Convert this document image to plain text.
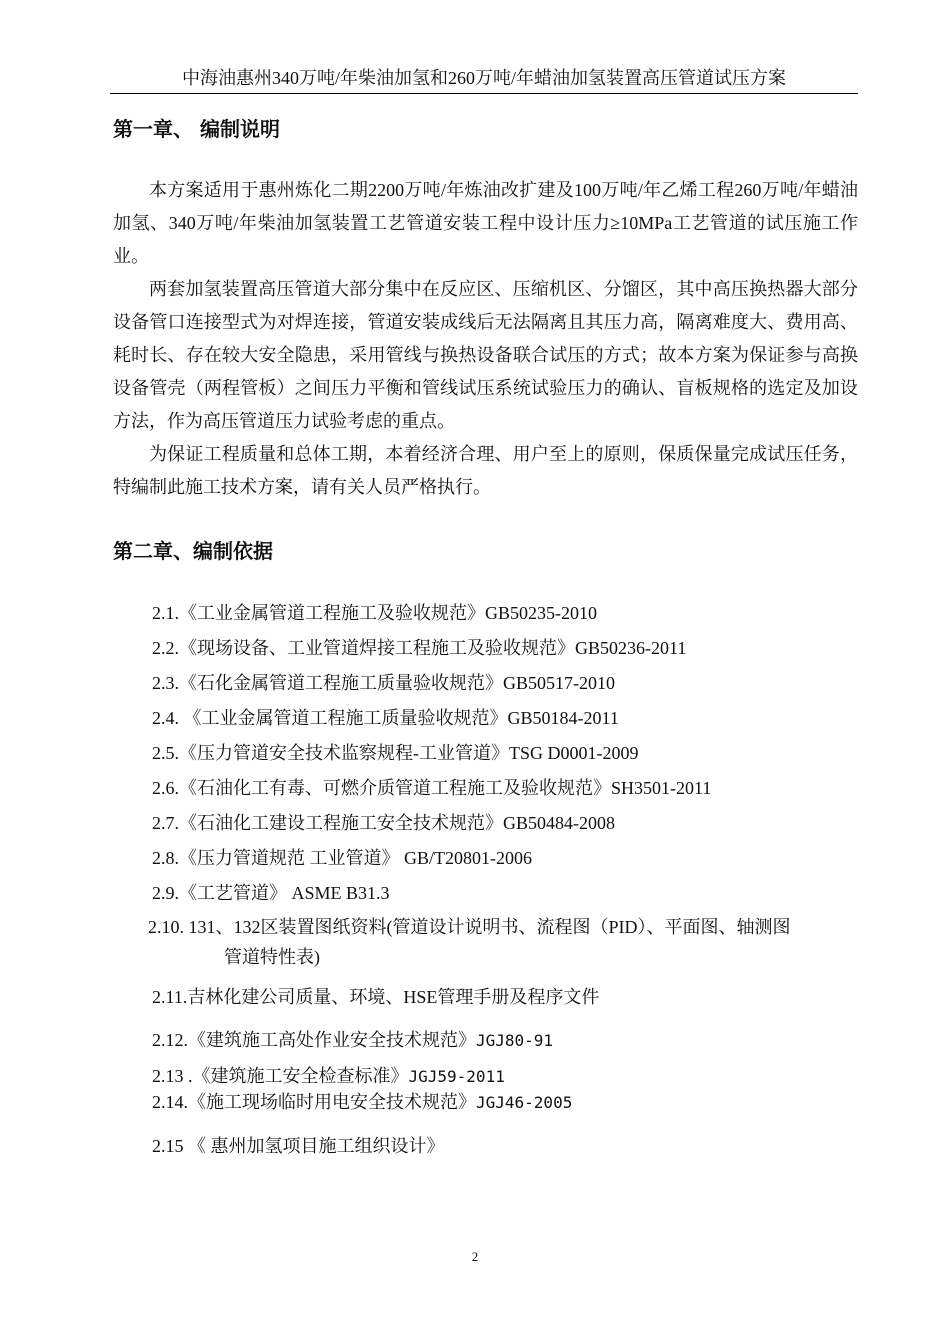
中海油惠州340万吨/年柴油加氢和260万吨/年蜡油加氢装置高压管道试压方案
第一章、 编制说明

本方案适用于惠州炼化二期2200万吨/年炼油改扩建及100万吨/年乙烯工程260万吨/年蜡油加氢、340万吨/年柴油加氢装置工艺管道安装工程中设计压力≥10MPa工艺管道的试压施工作业。

两套加氢装置高压管道大部分集中在反应区、压缩机区、分馏区，其中高压换热器大部分设备管口连接型式为对焊连接，管道安装成线后无法隔离且其压力高，隔离难度大、费用高、耗时长、存在较大安全隐患，采用管线与换热设备联合试压的方式；故本方案为保证参与高换设备管壳（两程管板）之间压力平衡和管线试压系统试验压力的确认、盲板规格的选定及加设方法，作为高压管道压力试验考虑的重点。

为保证工程质量和总体工期，本着经济合理、用户至上的原则，保质保量完成试压任务，特编制此施工技术方案，请有关人员严格执行。

第二章、编制依据
2.1.《工业金属管道工程施工及验收规范》GB50235-2010
2.2.《现场设备、工业管道焊接工程施工及验收规范》GB50236-2011
2.3.《石化金属管道工程施工质量验收规范》GB50517-2010
2.4. 《工业金属管道工程施工质量验收规范》GB50184-2011
2.5.《压力管道安全技术监察规程-工业管道》TSG D0001-2009
2.6.《石油化工有毒、可燃介质管道工程施工及验收规范》SH3501-2011
2.7.《石油化工建设工程施工安全技术规范》GB50484-2008
2.8.《压力管道规范 工业管道》 GB/T20801-2006
2.9.《工艺管道》 ASME B31.3
2.10. 131、132区装置图纸资料(管道设计说明书、流程图（PID）、平面图、轴测图
管道特性表)
2.11.吉林化建公司质量、环境、HSE管理手册及程序文件
2.12.《建筑施工高处作业安全技术规范》JGJ80-91
2.13 .《建筑施工安全检查标准》JGJ59-2011
2.14.《施工现场临时用电安全技术规范》JGJ46-2005
2.15 《 惠州加氢项目施工组织设计》
2
